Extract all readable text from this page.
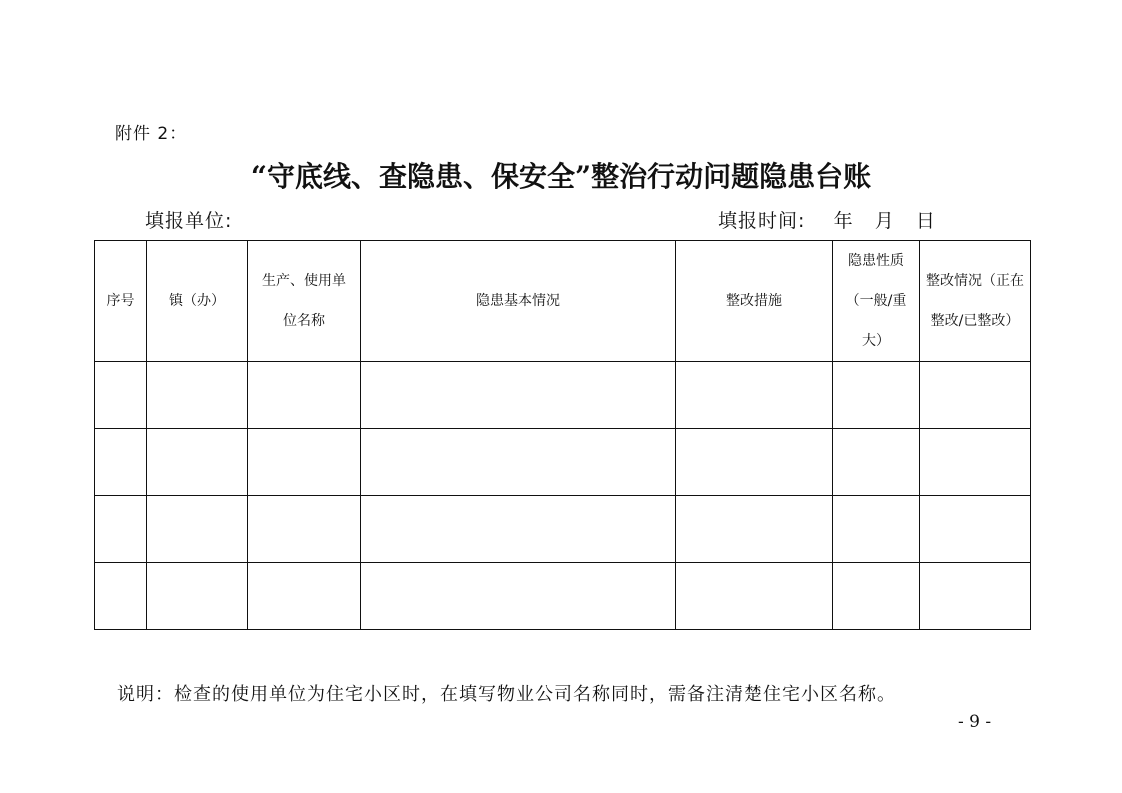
附件 2：
“守底线、查隐患、保安全”整治行动问题隐患台账
填报单位:	填报时间: 年   月   日
序号	镇（办）	生产、使用单位名称	隐患基本情况	整改措施	隐患性质（一般/重大）	整改情况（正在整改/已整改）

说明：检查的使用单位为住宅小区时，在填写物业公司名称同时，需备注清楚住宅小区名称。
- 9 -
